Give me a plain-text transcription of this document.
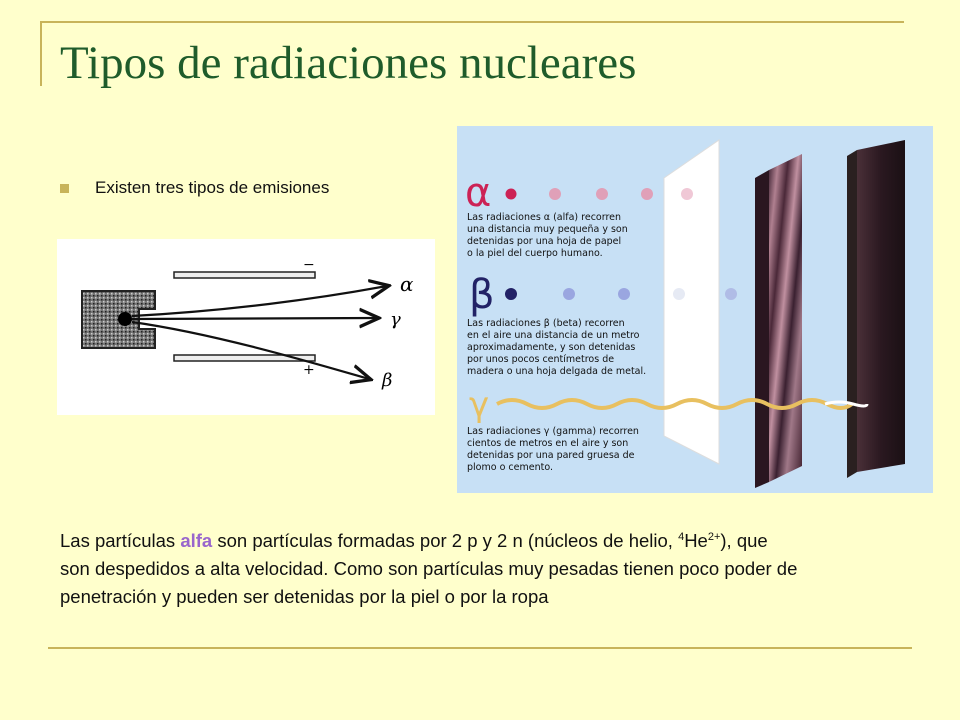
Tipos de radiaciones nucleares
Existen tres tipos de emisiones
−
+
α
γ
β
α
β
γ
Las radiaciones α (alfa) recorren
una distancia muy pequeña y son
detenidas por una hoja de papel
o la piel del cuerpo humano.
Las radiaciones β (beta) recorren
en el aire una distancia de un metro
aproximadamente, y son detenidas
por unos pocos centímetros de
madera o una hoja delgada de metal.
Las radiaciones γ (gamma) recorren
cientos de metros en el aire y son
detenidas por una pared gruesa de
plomo o cemento.

Las partículas alfa son partículas formadas por 2 p y 2 n (núcleos de helio, $^4He^{2+}$), que son despedidos a alta velocidad. Como son partículas muy pesadas tienen poco poder de penetración y pueden ser detenidas por la piel o por la ropa
